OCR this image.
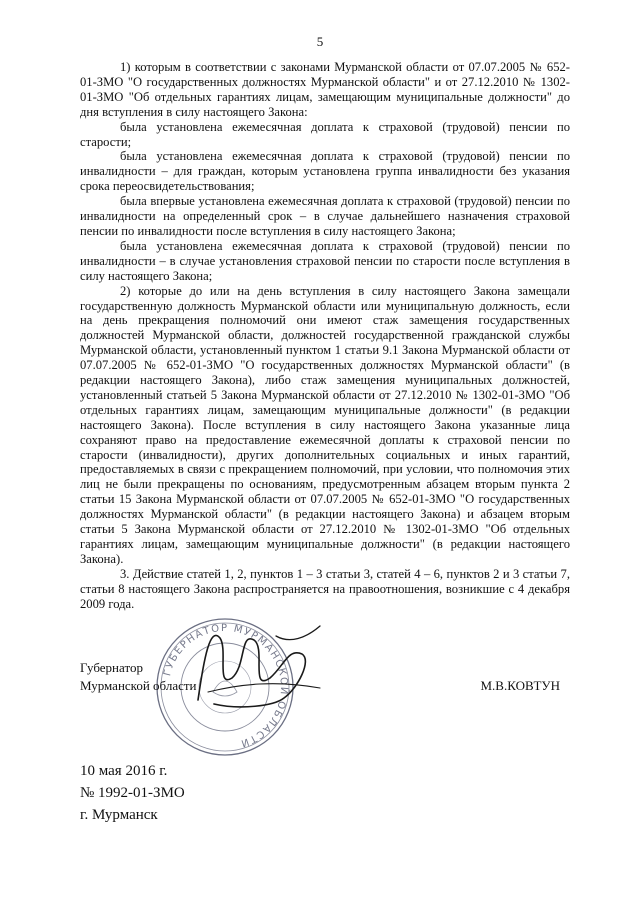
5

1) которым в соответствии с законами Мурманской области от 07.07.2005 № 652-01-ЗМО "О государственных должностях Мурманской области" и от 27.12.2010 № 1302-01-ЗМО "Об отдельных гарантиях лицам, замещающим муниципальные должности" до дня вступления в силу настоящего Закона:

была установлена ежемесячная доплата к страховой (трудовой) пенсии по старости;

была установлена ежемесячная доплата к страховой (трудовой) пенсии по инвалидности – для граждан, которым установлена группа инвалидности без указания срока переосвидетельствования;

была впервые установлена ежемесячная доплата к страховой (трудовой) пенсии по инвалидности на определенный срок – в случае дальнейшего назначения страховой пенсии по инвалидности после вступления в силу настоящего Закона;

была установлена ежемесячная доплата к страховой (трудовой) пенсии по инвалидности – в случае установления страховой пенсии по старости после вступления в силу настоящего Закона;

2) которые до или на день вступления в силу настоящего Закона замещали государственную должность Мурманской области или муниципальную должность, если на день прекращения полномочий они имеют стаж замещения государственных должностей Мурманской области, должностей государственной гражданской службы Мурманской области, установленный пунктом 1 статьи 9.1 Закона Мурманской области от 07.07.2005 № 652-01-ЗМО "О государственных должностях Мурманской области" (в редакции настоящего Закона), либо стаж замещения муниципальных должностей, установленный статьей 5 Закона Мурманской области от 27.12.2010 № 1302-01-ЗМО "Об отдельных гарантиях лицам, замещающим муниципальные должности" (в редакции настоящего Закона). После вступления в силу настоящего Закона указанные лица сохраняют право на предоставление ежемесячной доплаты к страховой пенсии по старости (инвалидности), других дополнительных социальных и иных гарантий, предоставляемых в связи с прекращением полномочий, при условии, что полномочия этих лиц не были прекращены по основаниям, предусмотренным абзацем вторым пункта 2 статьи 15 Закона Мурманской области от 07.07.2005 № 652-01-ЗМО "О государственных должностях Мурманской области" (в редакции настоящего Закона) и абзацем вторым статьи 5 Закона Мурманской области от 27.12.2010 № 1302-01-ЗМО "Об отдельных гарантиях лицам, замещающим муниципальные должности" (в редакции настоящего Закона).

3. Действие статей 1, 2, пунктов 1 – 3 статьи 3, статей 4 – 6, пунктов 2 и 3 статьи 7, статьи 8 настоящего Закона распространяется на правоотношения, возникшие с 4 декабря 2009 года.

ГУБЕРНАТОР МУРМАНСКОЙ ОБЛАСТИ
Губернатор
Мурманской области	М.В.КОВТУН
10 мая 2016 г.
№ 1992-01-ЗМО
г. Мурманск
